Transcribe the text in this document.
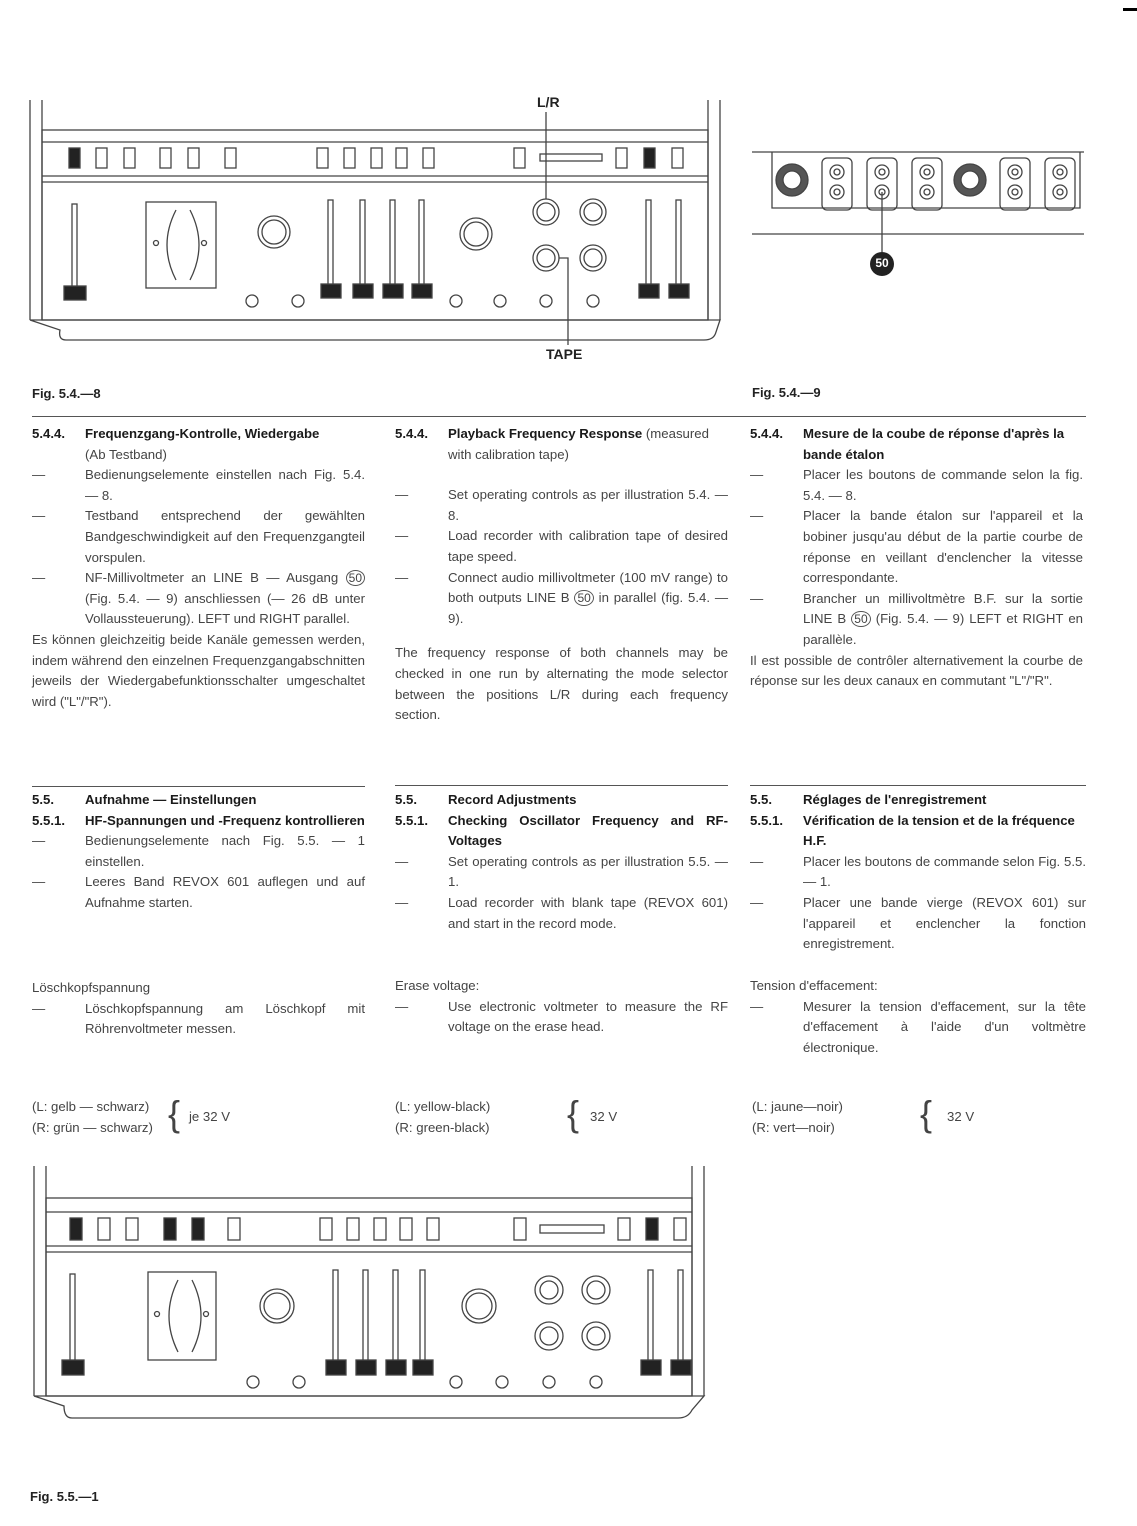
L/R
TAPE
50
Fig. 5.4.—8	Fig. 5.4.—9
5.4.4.	Frequenzgang-Kontrolle, Wiedergabe

(Ab Testband)

—	Bedienungselemente einstellen nach Fig. 5.4. — 8.
—	Testband entsprechend der gewählten Bandgeschwindigkeit auf den Frequenzgangteil vorspulen.
—	NF-Millivoltmeter an LINE B — Ausgang 50 (Fig. 5.4. — 9) anschliessen (— 26 dB unter Vollaussteuerung). LEFT und RIGHT parallel.

Es können gleichzeitig beide Kanäle gemessen werden, indem während den einzelnen Frequenzgangabschnitten jeweils der Wiedergabefunktionsschalter umgeschaltet wird ("L"/"R").

5.4.4.	Playback Frequency Response (measured with calibration tape)
—	Set operating controls as per illustration 5.4. — 8.
—	Load recorder with calibration tape of desired tape speed.
—	Connect audio millivoltmeter (100 mV range) to both outputs LINE B 50 in parallel (fig. 5.4. — 9).

The frequency response of both channels may be checked in one run by alternating the mode selector between the positions L/R during each frequency section.

5.4.4.	Mesure de la coube de réponse d'après la bande étalon
—	Placer les boutons de commande selon la fig. 5.4. — 8.
—	Placer la bande étalon sur l'appareil et la bobiner jusqu'au début de la partie courbe de réponse en veillant d'enclencher la vitesse correspondante.
—	Brancher un millivoltmètre B.F. sur la sortie LINE B 50 (Fig. 5.4. — 9) LEFT et RIGHT en parallèle.

Il est possible de contrôler alternativement la courbe de réponse sur les deux canaux en commutant "L"/"R".

5.5.	Aufnahme — Einstellungen
5.5.1.	HF-Spannungen und -Frequenz kontrollieren
—	Bedienungselemente nach Fig. 5.5. — 1 einstellen.
—	Leeres Band REVOX 601 auflegen und auf Aufnahme starten.

Löschkopfspannung

—	Löschkopfspannung am Löschkopf mit Röhrenvoltmeter messen.
(L: gelb — schwarz)
(R: grün — schwarz) { je 32 V
5.5.	Record Adjustments
5.5.1.	Checking Oscillator Frequency and RF-Voltages
—	Set operating controls as per illustration 5.5. — 1.
—	Load recorder with blank tape (REVOX 601) and start in the record mode.

Erase voltage:

—	Use electronic voltmeter to measure the RF voltage on the erase head.
(L: yellow-black)
(R: green-black) { 32 V
5.5.	Réglages de l'enregistrement
5.5.1.	Vérification de la tension et de la fréquence H.F.
—	Placer les boutons de commande selon Fig. 5.5. — 1.
—	Placer une bande vierge (REVOX 601) sur l'appareil et enclencher la fonction enregistrement.

Tension d'effacement:

—	Mesurer la tension d'effacement, sur la tête d'effacement à l'aide d'un voltmètre électronique.
(L: jaune—noir)
(R: vert—noir) { 32 V
Fig. 5.5.—1
